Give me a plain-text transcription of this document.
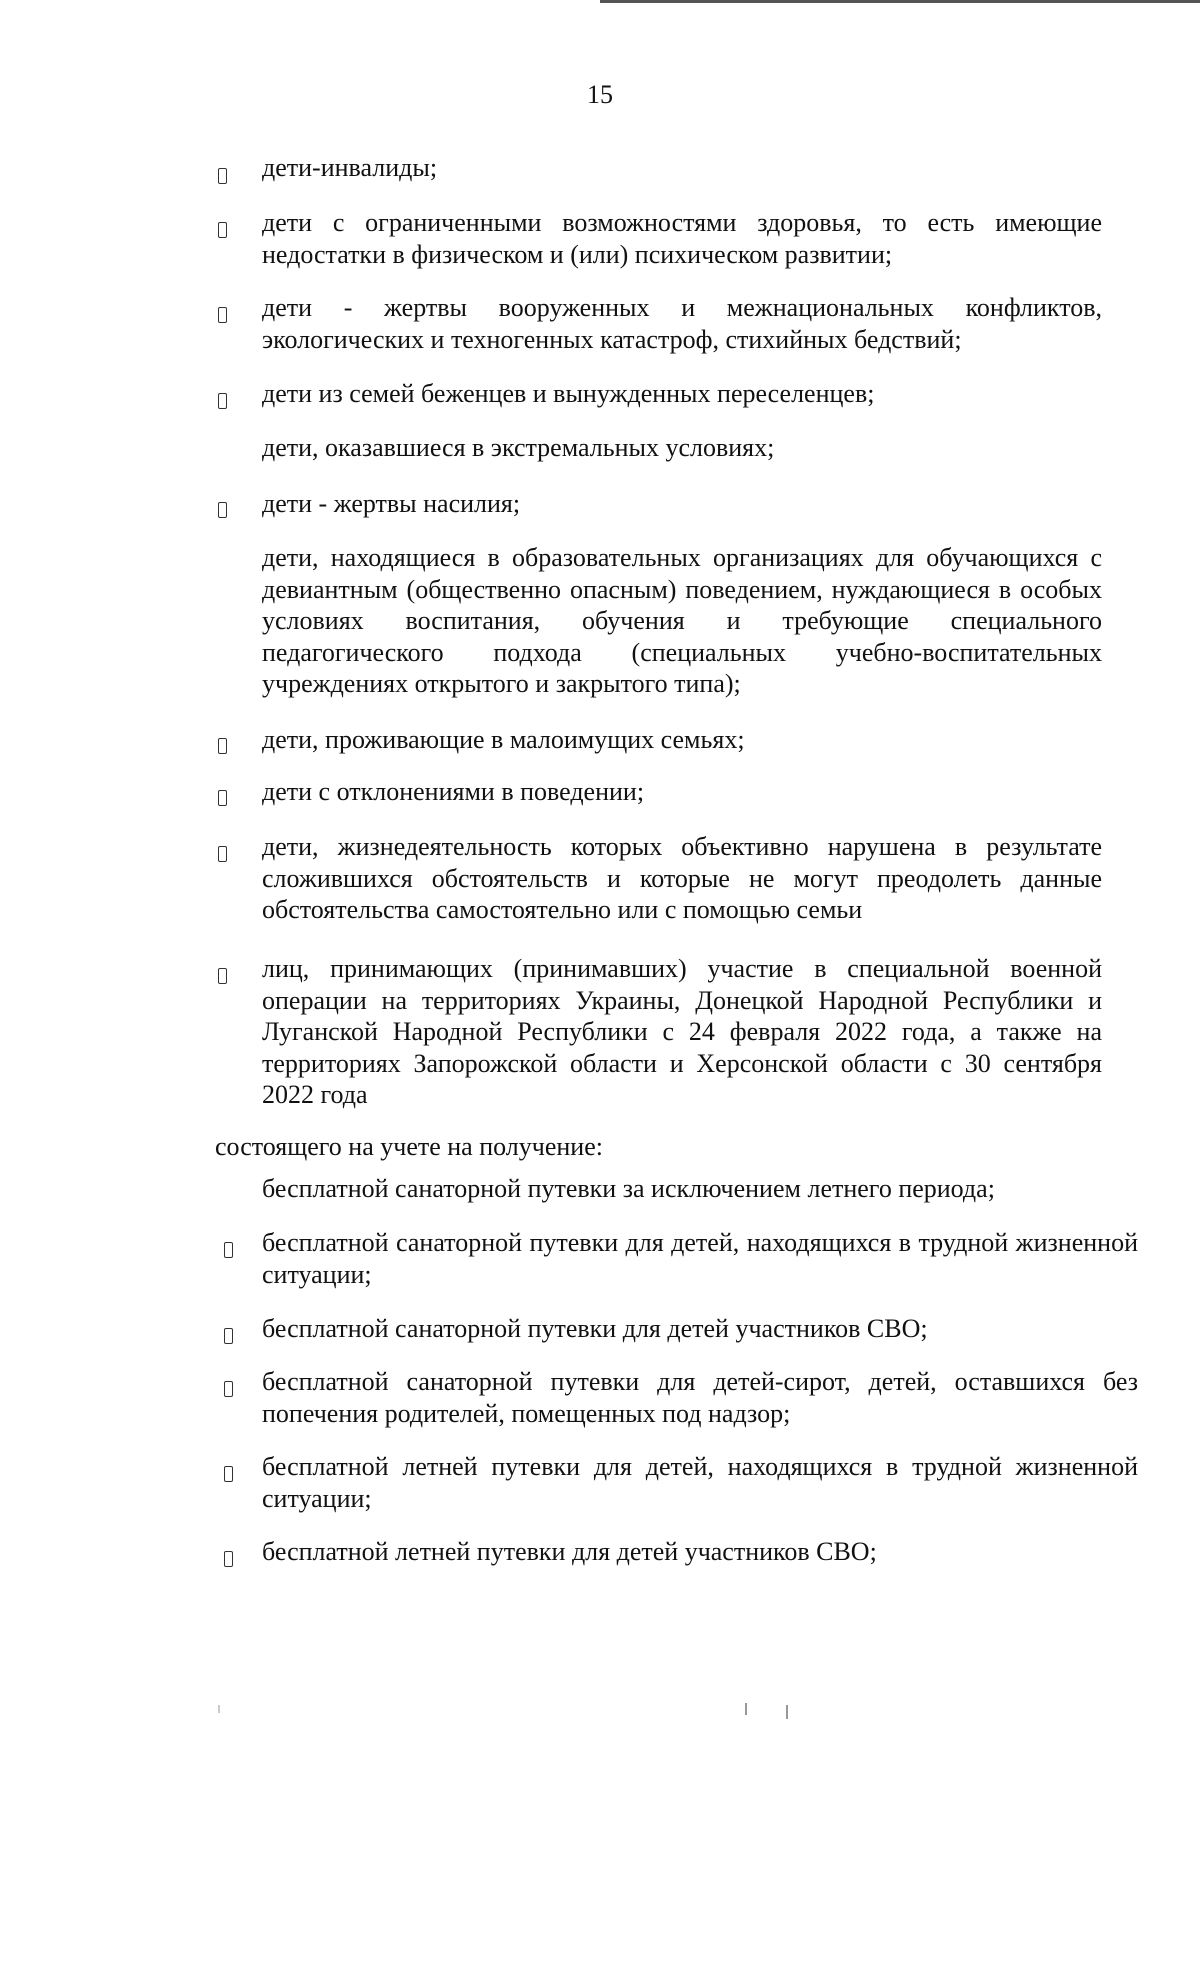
15
дети-инвалиды;
дети с ограниченными возможностями здоровья, то есть имеющие недостатки в физическом и (или) психическом развитии;
дети - жертвы вооруженных и межнациональных конфликтов, экологических и техногенных катастроф, стихийных бедствий;
дети из семей беженцев и вынужденных переселенцев;
дети, оказавшиеся в экстремальных условиях;
дети - жертвы насилия;
дети, находящиеся в образовательных организациях для обучающихся с девиантным (общественно опасным) поведением, нуждающиеся в особых условиях воспитания, обучения и требующие специального педагогического подхода (специальных учебно-воспитательных учреждениях открытого и закрытого типа);
дети, проживающие в малоимущих семьях;
дети с отклонениями в поведении;
дети, жизнедеятельность которых объективно нарушена в результате сложившихся обстоятельств и которые не могут преодолеть данные обстоятельства самостоятельно или с помощью семьи
лиц, принимающих (принимавших) участие в специальной военной операции на территориях Украины, Донецкой Народной Республики и Луганской Народной Республики с 24 февраля 2022 года, а также на территориях Запорожской области и Херсонской области с 30 сентября 2022 года
состоящего на учете на получение:
бесплатной санаторной путевки за исключением летнего периода;
бесплатной санаторной путевки для детей, находящихся в трудной жизненной ситуации;
бесплатной санаторной путевки для детей участников СВО;
бесплатной санаторной путевки для детей-сирот, детей, оставшихся без попечения родителей, помещенных под надзор;
бесплатной летней путевки для детей, находящихся в трудной жизненной ситуации;
бесплатной летней путевки для детей участников СВО;
